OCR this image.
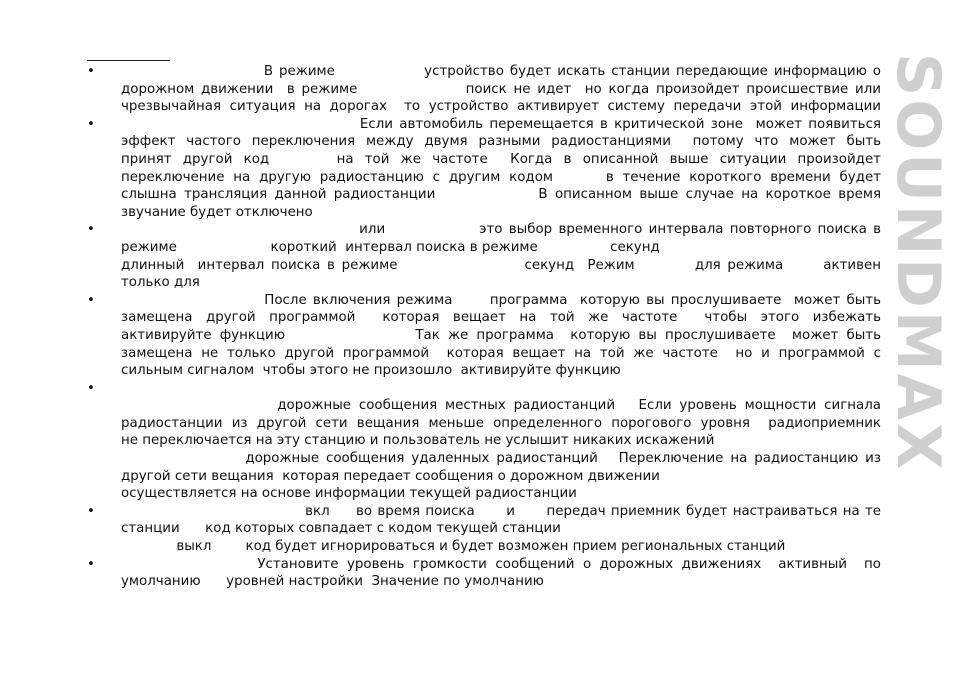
• В режиме               устройство будет искать станции передающие информацию о
дорожном движении  в режиме                поиск не идет  но когда произойдет происшествие или
чрезвычайная ситуация на дорогах  то устройство активирует систему передачи этой информации
• Если автомобиль перемещается в критической зоне  может появиться
эффект частого переключения между двумя разными радиостанциями  потому что может быть
принят другой код      на той же частоте  Когда в описанной выше ситуации произойдет
переключение на другую радиостанцию с другим кодом      в течение короткого времени будет
слышна трансляция данной радиостанции              В описанном выше случае на короткое время
звучание будет отключено
• или               это выбор временного интервала повторного поиска в
режиме                      короткий  интервал поиска в режиме                 секунд
длинный  интервал поиска в режиме                   секунд  Режим         для режима      активен
только для
• После включения режима      программа  которую вы прослушиваете  может быть
замещена другой программой  которая вещает на той же частоте  чтобы этого избежать
активируйте функцию                Так же программа  которую вы прослушиваете  может быть
замещена не только другой программой  которая вещает на той же частоте  но и программой с
сильным сигналом  чтобы этого не произошло  активируйте функцию
•

дорожные сообщения местных радиостанций   Если уровень мощности сигнала
радиостанции из другой сети вещания меньше определенного порогового уровня  радиоприемник
не переключается на эту станцию и пользователь не услышит никаких искажений
дорожные сообщения удаленных радиостанций   Переключение на радиостанцию из
другой сети вещания  которая передает сообщения о дорожном движении
осуществляется на основе информации текущей радиостанции
• вкл     во время поиска      и      передач приемник будет настраиваться на те
станции      код которых совпадает с кодом текущей станции
выкл        код будет игнорироваться и будет возможен прием региональных станций
• Установите уровень громкости сообщений о дорожных движениях  активный  по
умолчанию      уровней настройки  Значение по умолчанию
SOUNDMAX
